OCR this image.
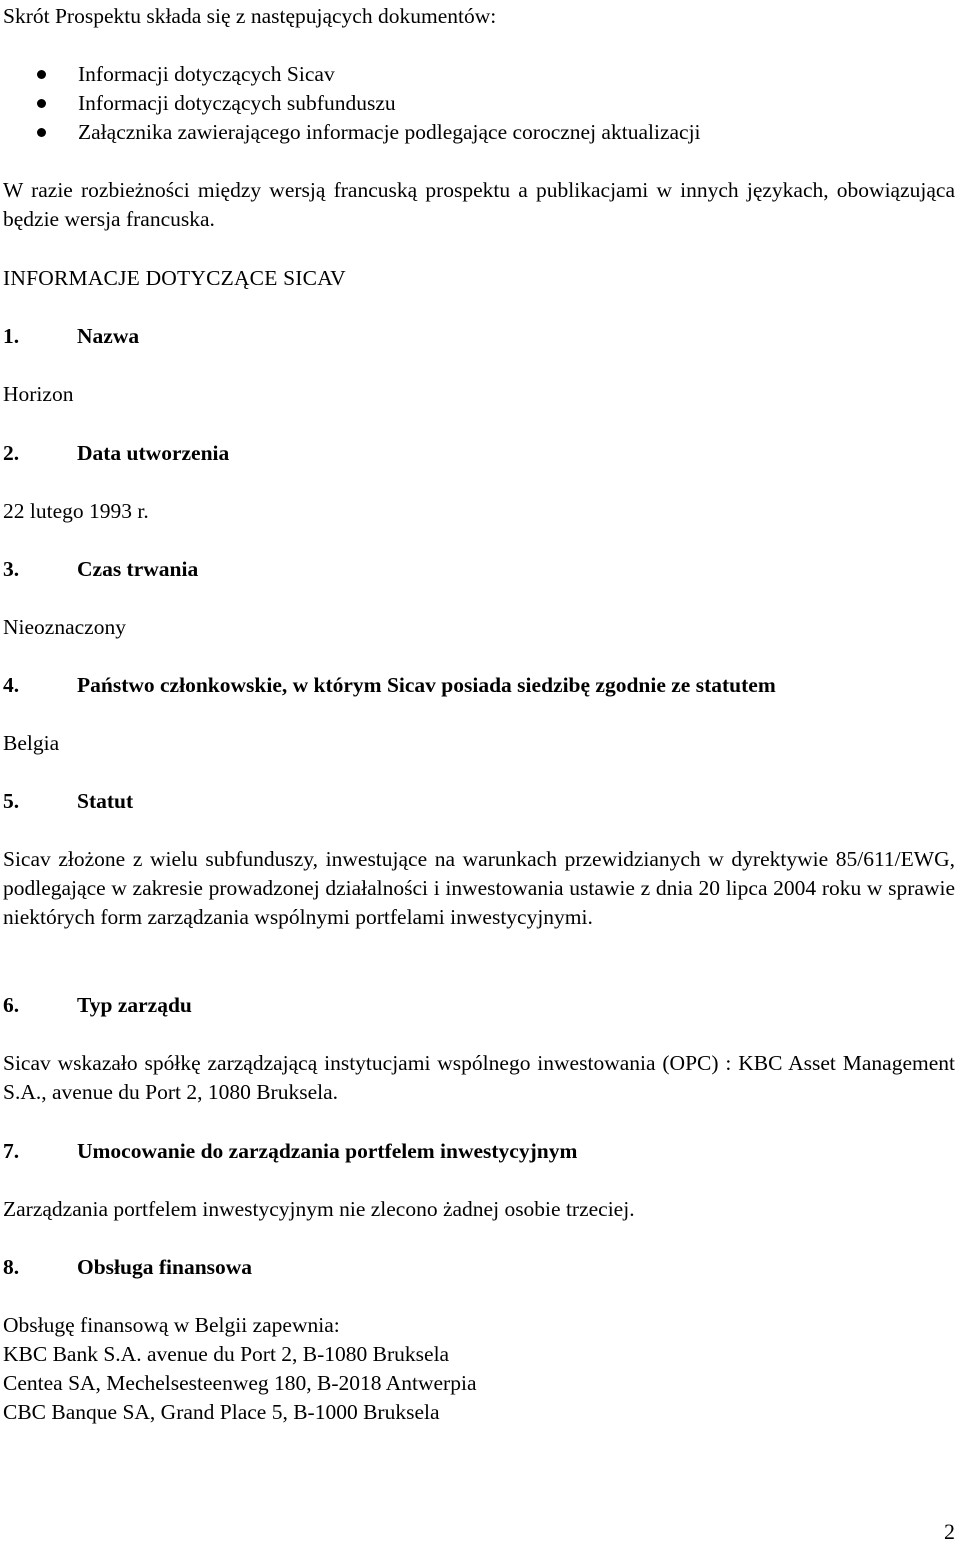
Skrót Prospektu składa się z następujących dokumentów:
Informacji dotyczących Sicav
Informacji dotyczących subfunduszu
Załącznika zawierającego informacje podlegające corocznej aktualizacji
W razie rozbieżności między wersją francuską prospektu a publikacjami w innych językach, obowiązująca będzie wersja francuska.
INFORMACJE DOTYCZĄCE SICAV
1.	Nazwa
Horizon
2.	Data utworzenia
22 lutego 1993 r.
3.	Czas trwania
Nieoznaczony
4.	Państwo członkowskie, w którym Sicav posiada siedzibę zgodnie ze statutem
Belgia
5.	Statut
Sicav złożone z wielu subfunduszy, inwestujące na warunkach przewidzianych w dyrektywie 85/611/EWG, podlegające w zakresie prowadzonej działalności i inwestowania ustawie z dnia 20 lipca 2004 roku w sprawie niektórych form zarządzania wspólnymi portfelami inwestycyjnymi.
6.	Typ zarządu
Sicav wskazało spółkę zarządzającą instytucjami wspólnego inwestowania (OPC) : KBC Asset Management S.A., avenue du Port 2, 1080 Bruksela.
7.	Umocowanie do zarządzania portfelem inwestycyjnym
Zarządzania portfelem inwestycyjnym nie zlecono żadnej osobie trzeciej.
8.	Obsługa finansowa
Obsługę finansową w Belgii zapewnia:
KBC Bank S.A. avenue du Port 2, B-1080 Bruksela
Centea SA, Mechelsesteenweg 180, B-2018 Antwerpia
CBC Banque SA, Grand Place 5, B-1000 Bruksela
2
